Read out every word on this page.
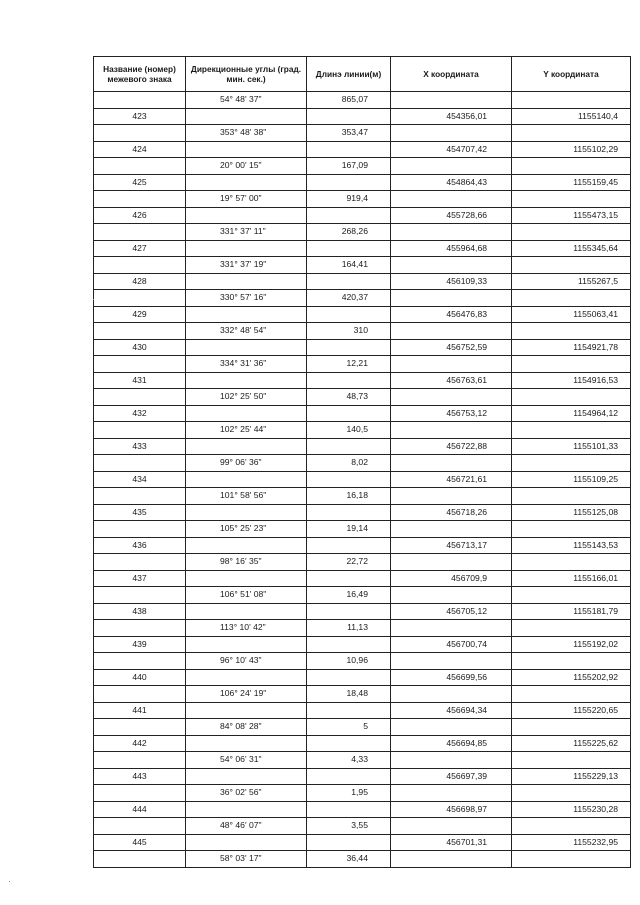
Название (номер) межевого знака	Дирекционные углы (град. мин. сек.)	Длинэ линии(м)	X координата	Y координата
	54° 48' 37"	865,07		
423			454356,01	1155140,4
	353° 48' 38"	353,47		
424			454707,42	1155102,29
	20° 00' 15"	167,09		
425			454864,43	1155159,45
	19° 57' 00"	919,4		
426			455728,66	1155473,15
	331° 37' 11"	268,26		
427			455964,68	1155345,64
	331° 37' 19"	164,41		
428			456109,33	1155267,5
	330° 57' 16"	420,37		
429			456476,83	1155063,41
	332° 48' 54"	310		
430			456752,59	1154921,78
	334° 31' 36"	12,21		
431			456763,61	1154916,53
	102° 25' 50"	48,73		
432			456753,12	1154964,12
	102° 25' 44"	140,5		
433			456722,88	1155101,33
	99° 06' 36"	8,02		
434			456721,61	1155109,25
	101° 58' 56"	16,18		
435			456718,26	1155125,08
	105° 25' 23"	19,14		
436			456713,17	1155143,53
	98° 16' 35"	22,72		
437			456709,9	1155166,01
	106° 51' 08"	16,49		
438			456705,12	1155181,79
	113° 10' 42"	11,13		
439			456700,74	1155192,02
	96° 10' 43"	10,96		
440			456699,56	1155202,92
	106° 24' 19"	18,48		
441			456694,34	1155220,65
	84° 08' 28"	5		
442			456694,85	1155225,62
	54° 06' 31"	4,33		
443			456697,39	1155229,13
	36° 02' 56"	1,95		
444			456698,97	1155230,28
	48° 46' 07"	3,55		
445			456701,31	1155232,95
	58° 03' 17"	36,44		
